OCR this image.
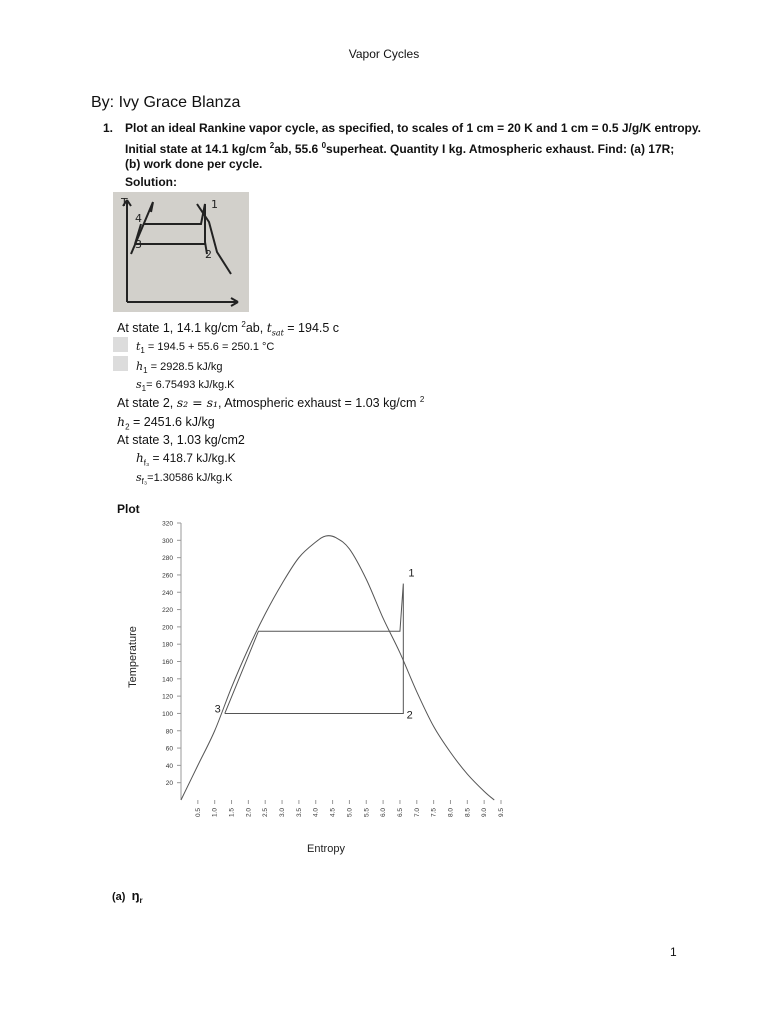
Vapor Cycles
By: Ivy Grace Blanza
1. Plot an ideal Rankine vapor cycle, as specified, to scales of 1 cm = 20 K and 1 cm = 0.5 J/g/K entropy.
Initial state at 14.1 kg/cm $^2$ab, 55.6 $^0$superheat. Quantity I kg. Atmospheric exhaust. Find: (a) 17R;
(b) work done per cycle.
Solution:
T
4
1
3
2
At state 1, 14.1 kg/cm $^2$ab, $t_{sat} = 194.5$ c
$t_1 = 194.5 + 55.6 = 250.1$ °C
$h_1 = 2928.5$ kJ/kg
$s_1= 6.75493$ kJ/kg.K
At state 2, s₂ = s₁, Atmospheric exhaust = 1.03 kg/cm $^2$
$h_2 = 2451.6$ kJ/kg
At state 3, 1.03 kg/cm2
$h_{f_3} = 418.7$ kJ/kg.K
$s_{f_3}=1.30586$ kJ/kg.K
Plot
20
40
60
80
100
120
140
160
180
200
220
240
260
280
300
320
0.5 1.0 1.5 2.0 2.5 3.0 3.5 4.0 4.5 5.0 5.5 6.0 6.5 7.0 7.5 8.0 8.5 9.0 9.5
1
2
3
Temperature
Entropy
(a) $ŋ_r$
1
